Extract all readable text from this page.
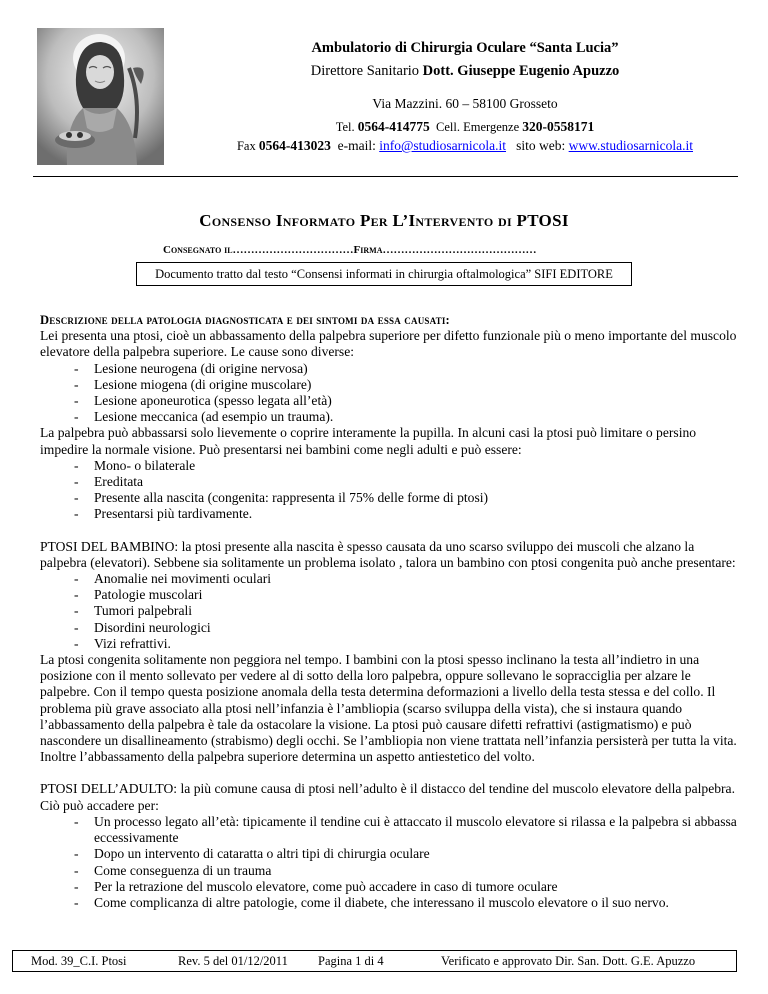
Ambulatorio di Chirurgia Oculare “Santa Lucia”
Direttore Sanitario Dott. Giuseppe Eugenio Apuzzo
Via Mazzini. 60 – 58100 Grosseto
Tel. 0564-414775 Cell. Emergenze 320-0558171
Fax 0564-413023 e-mail: info@studiosarnicola.it sito web: www.studiosarnicola.it
Consenso Informato Per L’Intervento di PTOSI
Consegnato il……………………………Firma……………………………………
Documento tratto dal testo “Consensi informati in chirurgia oftalmologica” SIFI EDITORE
Descrizione della patologia diagnosticata e dei sintomi da essa causati:

Lei presenta una ptosi, cioè un abbassamento della palpebra superiore per difetto funzionale più o meno importante del muscolo elevatore della palpebra superiore. Le cause sono diverse:

- Lesione neurogena (di origine nervosa)
- Lesione miogena (di origine muscolare)
- Lesione aponeurotica (spesso legata all’età)
- Lesione meccanica (ad esempio un trauma).

La palpebra può abbassarsi solo lievemente o coprire interamente la pupilla. In alcuni casi la ptosi può limitare o persino impedire la normale visione. Può presentarsi nei bambini come negli adulti e può essere:

- Mono- o bilaterale
- Ereditata
- Presente alla nascita (congenita: rappresenta il 75% delle forme di ptosi)
- Presentarsi più tardivamente.

PTOSI DEL BAMBINO: la ptosi presente alla nascita è spesso causata da uno scarso sviluppo dei muscoli che alzano la palpebra (elevatori). Sebbene sia solitamente un problema isolato , talora un bambino con ptosi congenita può anche presentare:

- Anomalie nei movimenti oculari
- Patologie muscolari
- Tumori palpebrali
- Disordini neurologici
- Vizi refrattivi.

La ptosi congenita solitamente non peggiora nel tempo. I bambini con la ptosi spesso inclinano la testa all’indietro in una posizione con il mento sollevato per vedere al di sotto della loro palpebra, oppure sollevano le sopracciglia per alzare le palpebre. Con il tempo questa posizione anomala della testa determina deformazioni a livello della testa stessa e del collo. Il problema più grave associato alla ptosi nell’infanzia è l’ambliopia (scarso sviluppa della vista), che si instaura quando l’abbassamento della palpebra è tale da ostacolare la visione. La ptosi può causare difetti refrattivi (astigmatismo) e può nascondere un disallineamento (strabismo) degli occhi. Se l’ambliopia non viene trattata nell’infanzia persisterà per tutta la vita. Inoltre l’abbassamento della palpebra superiore determina un aspetto antiestetico del volto.

PTOSI DELL’ADULTO: la più comune causa di ptosi nell’adulto è il distacco del tendine del muscolo elevatore della palpebra. Ciò può accadere per:

- Un processo legato all’età: tipicamente il tendine cui è attaccato il muscolo elevatore si rilassa e la palpebra si abbassa eccessivamente
- Dopo un intervento di cataratta o altri tipi di chirurgia oculare
- Come conseguenza di un trauma
- Per la retrazione del muscolo elevatore, come può accadere in caso di tumore oculare
- Come complicanza di altre patologie, come il diabete, che interessano il muscolo elevatore o il suo nervo.
Mod. 39_C.I. Ptosi	Rev. 5 del 01/12/2011 Pagina 1 di 4	Verificato e approvato Dir. San. Dott. G.E. Apuzzo
